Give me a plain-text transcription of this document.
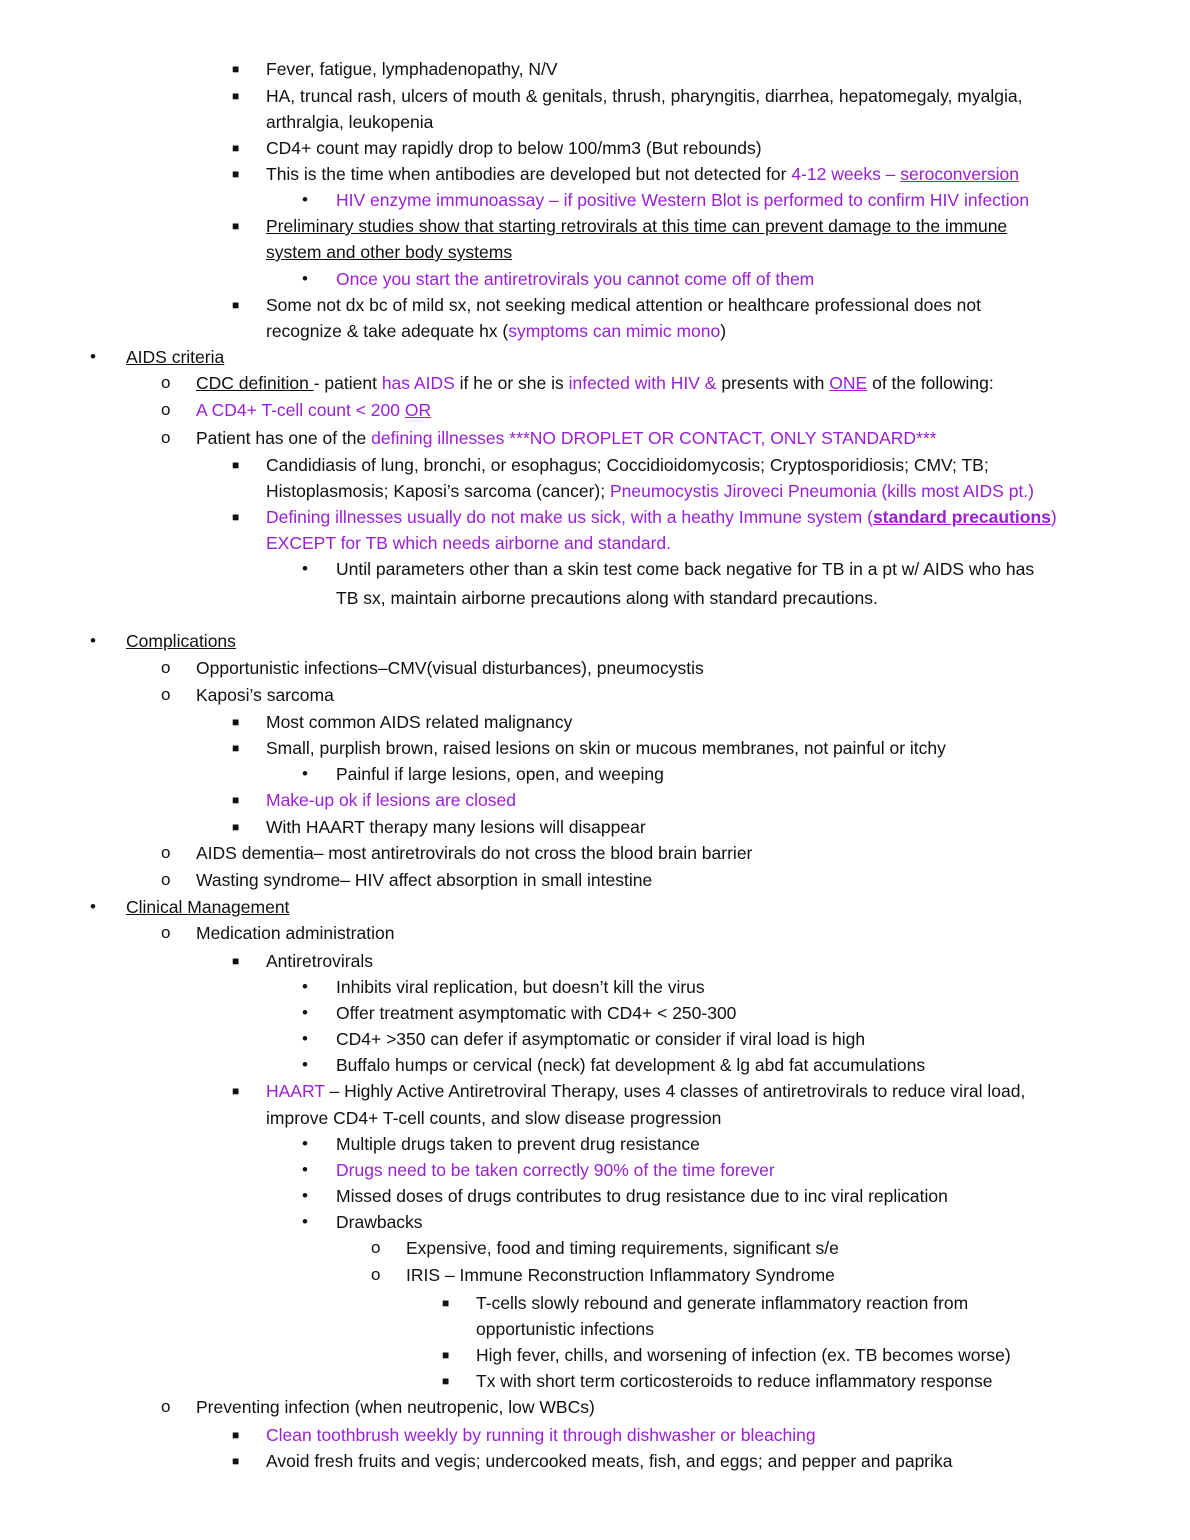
■ Fever, fatigue, lymphadenopathy, N/V
■ HA, truncal rash, ulcers of mouth & genitals, thrush, pharyngitis, diarrhea, hepatomegaly, myalgia,
arthralgia, leukopenia
■ CD4+ count may rapidly drop to below 100/mm3 (But rebounds)
■ This is the time when antibodies are developed but not detected for 4-12 weeks – seroconversion
• HIV enzyme immunoassay – if positive Western Blot is performed to confirm HIV infection
■ Preliminary studies show that starting retrovirals at this time can prevent damage to the immune
system and other body systems
• Once you start the antiretrovirals you cannot come off of them
■ Some not dx bc of mild sx, not seeking medical attention or healthcare professional does not
recognize & take adequate hx (symptoms can mimic mono)
• AIDS criteria
o CDC definition - patient has AIDS if he or she is infected with HIV & presents with ONE of the following:
o A CD4+ T-cell count < 200 OR
o Patient has one of the defining illnesses ***NO DROPLET OR CONTACT, ONLY STANDARD***
■ Candidiasis of lung, bronchi, or esophagus; Coccidioidomycosis; Cryptosporidiosis; CMV; TB;
Histoplasmosis; Kaposi’s sarcoma (cancer); Pneumocystis Jiroveci Pneumonia (kills most AIDS pt.)
■ Defining illnesses usually do not make us sick, with a heathy Immune system (standard precautions)
EXCEPT for TB which needs airborne and standard.
• Until parameters other than a skin test come back negative for TB in a pt w/ AIDS who has
TB sx, maintain airborne precautions along with standard precautions.
• Complications
o Opportunistic infections–CMV(visual disturbances), pneumocystis
o Kaposi’s sarcoma
■ Most common AIDS related malignancy
■ Small, purplish brown, raised lesions on skin or mucous membranes, not painful or itchy
• Painful if large lesions, open, and weeping
■ Make-up ok if lesions are closed
■ With HAART therapy many lesions will disappear
o AIDS dementia– most antiretrovirals do not cross the blood brain barrier
o Wasting syndrome– HIV affect absorption in small intestine
• Clinical Management
o Medication administration
■ Antiretrovirals
• Inhibits viral replication, but doesn’t kill the virus
• Offer treatment asymptomatic with CD4+ < 250-300
• CD4+ >350 can defer if asymptomatic or consider if viral load is high
• Buffalo humps or cervical (neck) fat development & lg abd fat accumulations
■ HAART – Highly Active Antiretroviral Therapy, uses 4 classes of antiretrovirals to reduce viral load,
improve CD4+ T-cell counts, and slow disease progression
• Multiple drugs taken to prevent drug resistance
• Drugs need to be taken correctly 90% of the time forever
• Missed doses of drugs contributes to drug resistance due to inc viral replication
• Drawbacks
o Expensive, food and timing requirements, significant s/e
o IRIS – Immune Reconstruction Inflammatory Syndrome
■ T-cells slowly rebound and generate inflammatory reaction from
opportunistic infections
■ High fever, chills, and worsening of infection (ex. TB becomes worse)
■ Tx with short term corticosteroids to reduce inflammatory response
o Preventing infection (when neutropenic, low WBCs)
■ Clean toothbrush weekly by running it through dishwasher or bleaching
■ Avoid fresh fruits and vegis; undercooked meats, fish, and eggs; and pepper and paprika
